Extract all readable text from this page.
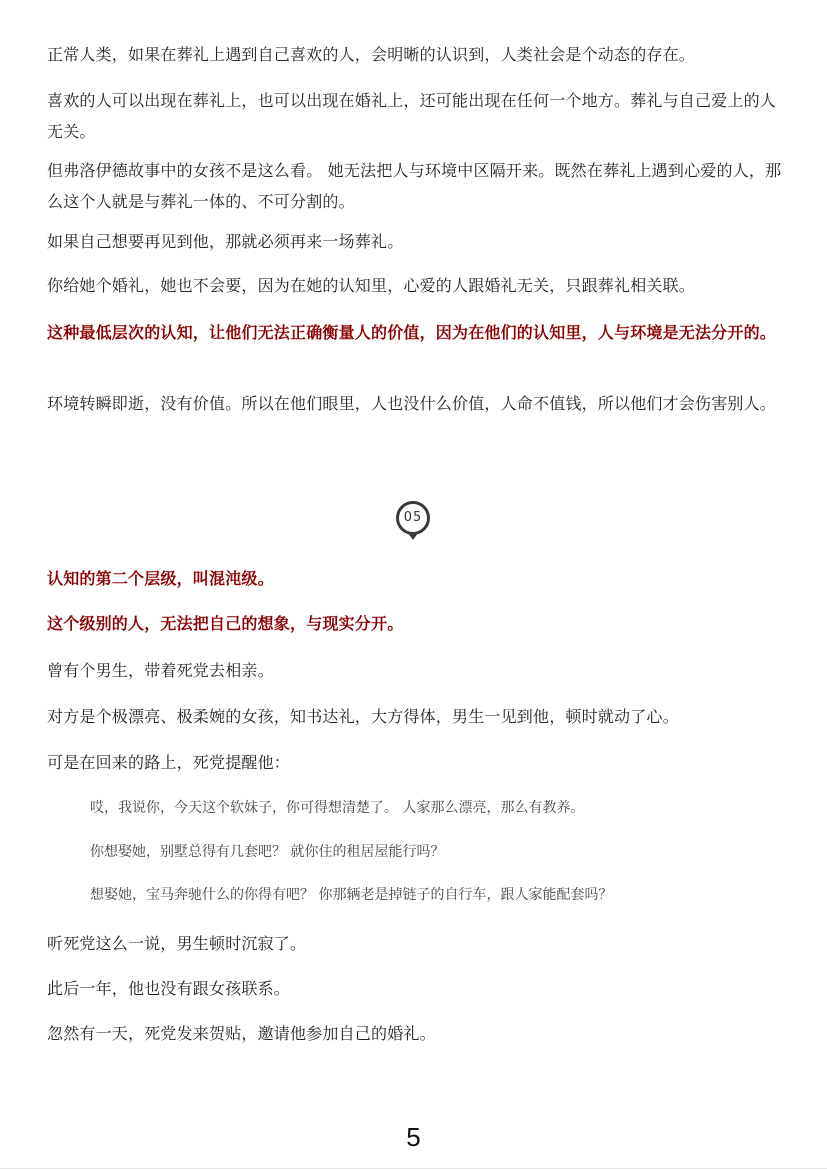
正常人类，如果在葬礼上遇到自己喜欢的人，会明晰的认识到，人类社会是个动态的存在。

喜欢的人可以出现在葬礼上，也可以出现在婚礼上，还可能出现在任何一个地方。葬礼与自己爱上的人无关。

但弗洛伊德故事中的女孩不是这么看。 她无法把人与环境中区隔开来。既然在葬礼上遇到心爱的人，那么这个人就是与葬礼一体的、不可分割的。

如果自己想要再见到他，那就必须再来一场葬礼。

你给她个婚礼，她也不会要，因为在她的认知里，心爱的人跟婚礼无关，只跟葬礼相关联。

这种最低层次的认知，让他们无法正确衡量人的价值，因为在他们的认知里，人与环境是无法分开的。

环境转瞬即逝，没有价值。所以在他们眼里，人也没什么价值，人命不值钱，所以他们才会伤害别人。

05

认知的第二个层级，叫混沌级。

这个级别的人，无法把自己的想象，与现实分开。

曾有个男生，带着死党去相亲。

对方是个极漂亮、极柔婉的女孩，知书达礼，大方得体，男生一见到他，顿时就动了心。

可是在回来的路上，死党提醒他：

哎，我说你，今天这个软妹子，你可得想清楚了。 人家那么漂亮，那么有教养。

你想娶她，别墅总得有几套吧？ 就你住的租居屋能行吗？

想娶她，宝马奔驰什么的你得有吧？ 你那辆老是掉链子的自行车，跟人家能配套吗？

听死党这么一说，男生顿时沉寂了。

此后一年，他也没有跟女孩联系。

忽然有一天，死党发来贺贴，邀请他参加自己的婚礼。

5
